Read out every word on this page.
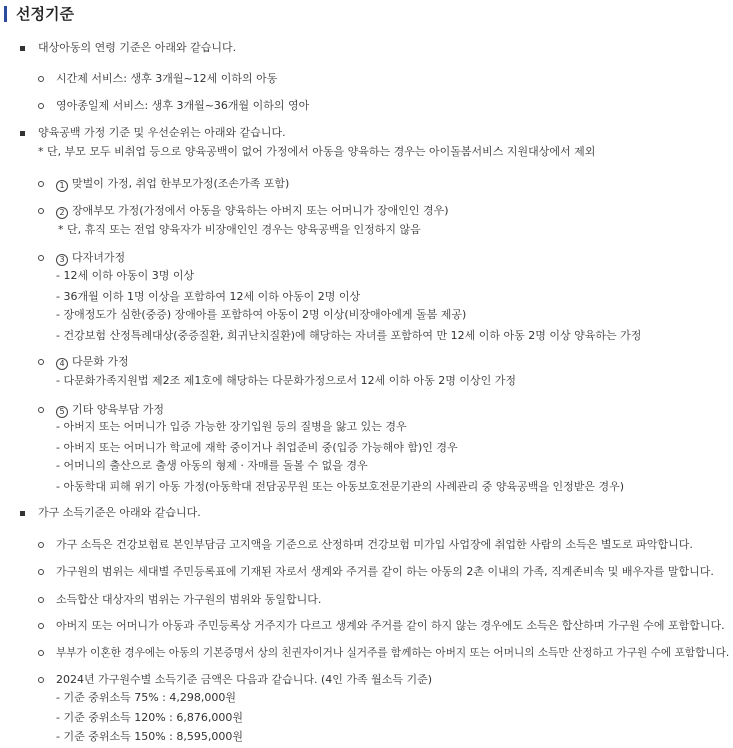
선정기준
대상아동의 연령 기준은 아래와 같습니다.
시간제 서비스: 생후 3개월~12세 이하의 아동
영아종일제 서비스: 생후 3개월~36개월 이하의 영아
양육공백 가정 기준 및 우선순위는 아래와 같습니다.
* 단, 부모 모두 비취업 등으로 양육공백이 없어 가정에서 아동을 양육하는 경우는 아이돌봄서비스 지원대상에서 제외
1 맞벌이 가정, 취업 한부모가정(조손가족 포함)
2 장애부모 가정(가정에서 아동을 양육하는 아버지 또는 어머니가 장애인인 경우)
* 단, 휴직 또는 전업 양육자가 비장애인인 경우는 양육공백을 인정하지 않음
3 다자녀가정
- 12세 이하 아동이 3명 이상
- 36개월 이하 1명 이상을 포함하여 12세 이하 아동이 2명 이상
- 장애정도가 심한(중증) 장애아를 포함하여 아동이 2명 이상(비장애아에게 돌봄 제공)
- 건강보험 산정특례대상(중증질환, 희귀난치질환)에 해당하는 자녀를 포함하여 만 12세 이하 아동 2명 이상 양육하는 가정
4 다문화 가정
- 다문화가족지원법 제2조 제1호에 해당하는 다문화가정으로서 12세 이하 아동 2명 이상인 가정
5 기타 양육부담 가정
- 아버지 또는 어머니가 입증 가능한 장기입원 등의 질병을 앓고 있는 경우
- 아버지 또는 어머니가 학교에 재학 중이거나 취업준비 중(입증 가능해야 함)인 경우
- 어머니의 출산으로 출생 아동의 형제 · 자매를 돌볼 수 없을 경우
- 아동학대 피해 위기 아동 가정(아동학대 전담공무원 또는 아동보호전문기관의 사례관리 중 양육공백을 인정받은 경우)
가구 소득기준은 아래와 같습니다.
가구 소득은 건강보험료 본인부담금 고지액을 기준으로 산정하며 건강보험 미가입 사업장에 취업한 사람의 소득은 별도로 파악합니다.
가구원의 범위는 세대별 주민등록표에 기재된 자로서 생계와 주거를 같이 하는 아동의 2촌 이내의 가족, 직계존비속 및 배우자를 말합니다.
소득합산 대상자의 범위는 가구원의 범위와 동일합니다.
아버지 또는 어머니가 아동과 주민등록상 거주지가 다르고 생계와 주거를 같이 하지 않는 경우에도 소득은 합산하며 가구원 수에 포함합니다.
부부가 이혼한 경우에는 아동의 기본증명서 상의 친권자이거나 실거주를 함께하는 아버지 또는 어머니의 소득만 산정하고 가구원 수에 포함합니다.
2024년 가구원수별 소득기준 금액은 다음과 같습니다. (4인 가족 월소득 기준)
- 기준 중위소득 75% : 4,298,000원
- 기준 중위소득 120% : 6,876,000원
- 기준 중위소득 150% : 8,595,000원
